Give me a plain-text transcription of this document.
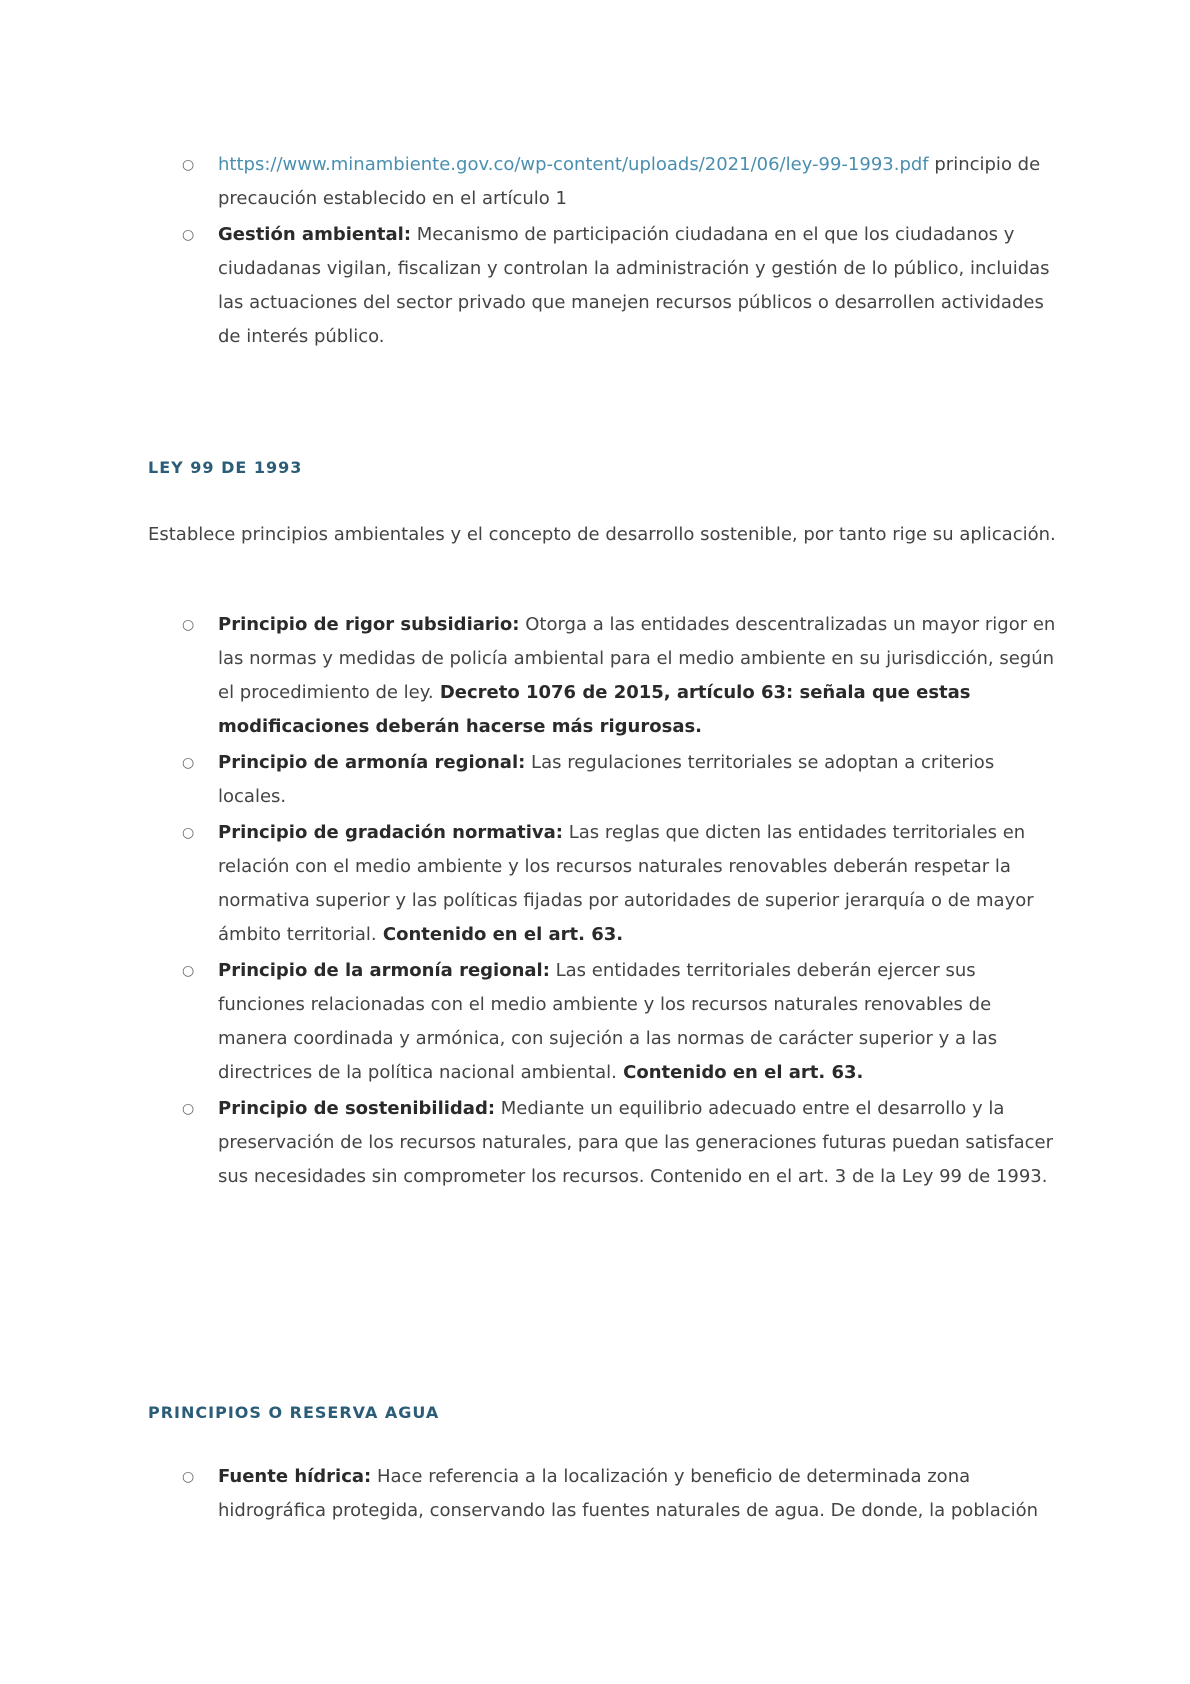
○ https://www.minambiente.gov.co/wp-content/uploads/2021/06/ley-99-1993.pdf principio de precaución establecido en el artículo 1
○ Gestión ambiental: Mecanismo de participación ciudadana en el que los ciudadanos y ciudadanas vigilan, fiscalizan y controlan la administración y gestión de lo público, incluidas las actuaciones del sector privado que manejen recursos públicos o desarrollen actividades de interés público.
LEY 99 DE 1993

Establece principios ambientales y el concepto de desarrollo sostenible, por tanto rige su aplicación.

○ Principio de rigor subsidiario: Otorga a las entidades descentralizadas un mayor rigor en las normas y medidas de policía ambiental para el medio ambiente en su jurisdicción, según el procedimiento de ley. Decreto 1076 de 2015, artículo 63: señala que estas modificaciones deberán hacerse más rigurosas.
○ Principio de armonía regional: Las regulaciones territoriales se adoptan a criterios locales.
○ Principio de gradación normativa: Las reglas que dicten las entidades territoriales en relación con el medio ambiente y los recursos naturales renovables deberán respetar la normativa superior y las políticas fijadas por autoridades de superior jerarquía o de mayor ámbito territorial. Contenido en el art. 63.
○ Principio de la armonía regional: Las entidades territoriales deberán ejercer sus funciones relacionadas con el medio ambiente y los recursos naturales renovables de manera coordinada y armónica, con sujeción a las normas de carácter superior y a las directrices de la política nacional ambiental. Contenido en el art. 63.
○ Principio de sostenibilidad: Mediante un equilibrio adecuado entre el desarrollo y la preservación de los recursos naturales, para que las generaciones futuras puedan satisfacer sus necesidades sin comprometer los recursos. Contenido en el art. 3 de la Ley 99 de 1993.
PRINCIPIOS O RESERVA AGUA
○ Fuente hídrica: Hace referencia a la localización y beneficio de determinada zona hidrográfica protegida, conservando las fuentes naturales de agua. De donde, la población
